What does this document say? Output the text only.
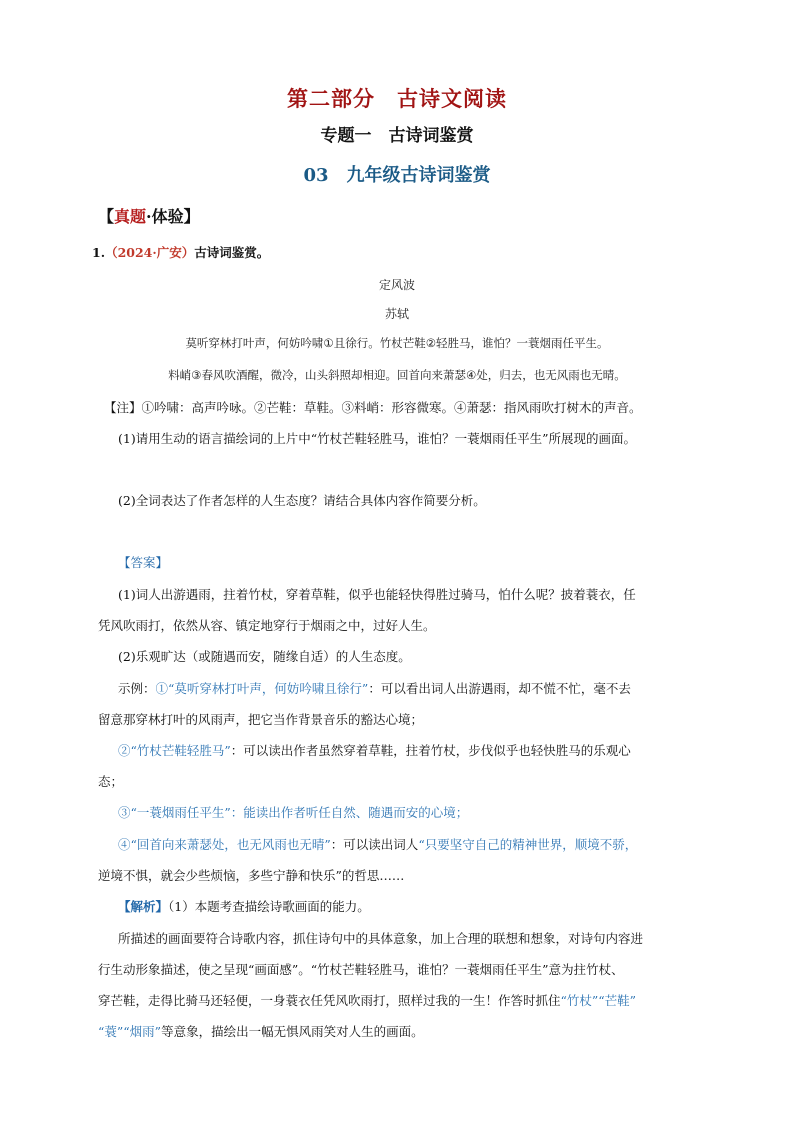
第二部分　古诗文阅读
专题一　古诗词鉴赏
03　九年级古诗词鉴赏
【真题·体验】
1.（2024·广安）古诗词鉴赏。
定风波
苏轼
莫听穿林打叶声，何妨吟啸①且徐行。竹杖芒鞋②轻胜马，谁怕？一蓑烟雨任平生。
料峭③春风吹酒醒，微冷，山头斜照却相迎。回首向来萧瑟④处，归去，也无风雨也无晴。
【注】①吟啸：高声吟咏。②芒鞋：草鞋。③料峭：形容微寒。④萧瑟：指风雨吹打树木的声音。
(1)请用生动的语言描绘词的上片中“竹杖芒鞋轻胜马，谁怕？一蓑烟雨任平生”所展现的画面。
(2)全词表达了作者怎样的人生态度？请结合具体内容作简要分析。
【答案】
(1)词人出游遇雨，拄着竹杖，穿着草鞋，似乎也能轻快得胜过骑马，怕什么呢？披着蓑衣，任
凭风吹雨打，依然从容、镇定地穿行于烟雨之中，过好人生。
(2)乐观旷达（或随遇而安，随缘自适）的人生态度。
示例：①“莫听穿林打叶声，何妨吟啸且徐行”：可以看出词人出游遇雨，却不慌不忙，毫不去
留意那穿林打叶的风雨声，把它当作背景音乐的豁达心境；
②“竹杖芒鞋轻胜马”：可以读出作者虽然穿着草鞋，拄着竹杖，步伐似乎也轻快胜马的乐观心
态；
③“一蓑烟雨任平生”：能读出作者听任自然、随遇而安的心境；
④“回首向来萧瑟处，也无风雨也无晴”：可以读出词人“只要坚守自己的精神世界，顺境不骄，
逆境不惧，就会少些烦恼，多些宁静和快乐”的哲思……
【解析】（1）本题考查描绘诗歌画面的能力。
所描述的画面要符合诗歌内容，抓住诗句中的具体意象，加上合理的联想和想象，对诗句内容进
行生动形象描述，使之呈现“画面感”。“竹杖芒鞋轻胜马，谁怕？一蓑烟雨任平生”意为拄竹杖、
穿芒鞋，走得比骑马还轻便，一身蓑衣任凭风吹雨打，照样过我的一生！作答时抓住“竹杖”“芒鞋”
“蓑”“烟雨”等意象，描绘出一幅无惧风雨笑对人生的画面。
